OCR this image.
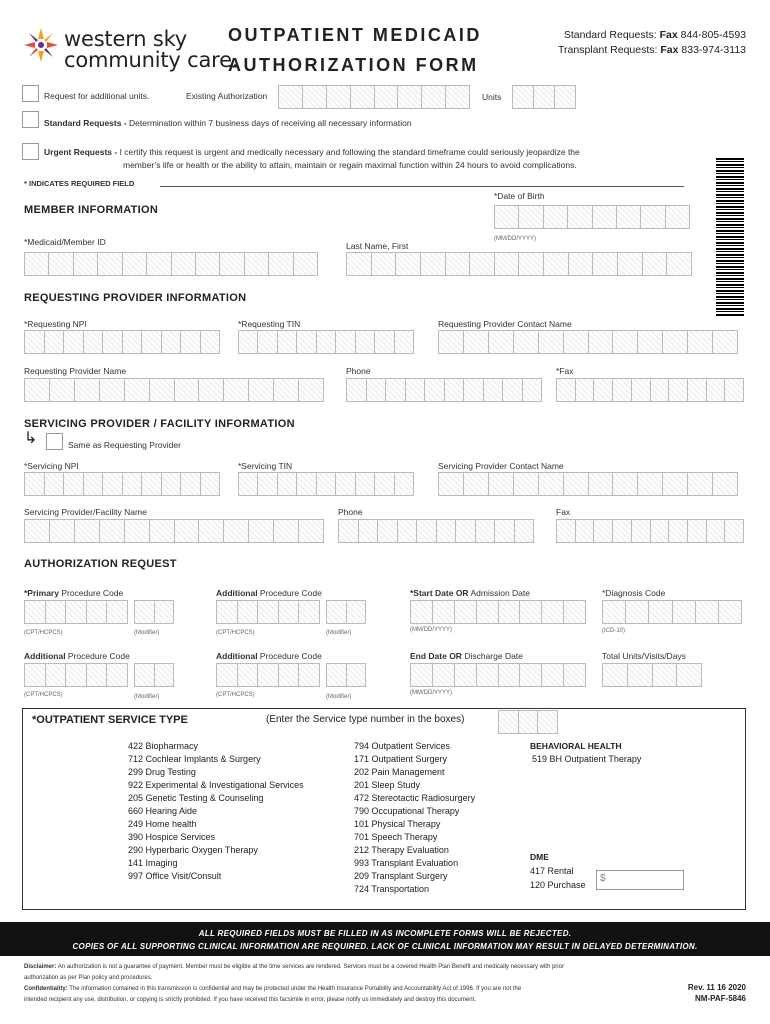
western sky
community care.
OUTPATIENT MEDICAID
AUTHORIZATION FORM
Standard Requests: Fax 844-805-4593
Transplant Requests: Fax 833-974-3113
Request for additional units.	Existing Authorization	Units
Standard Requests - Determination within 7 business days of receiving all necessary information
Urgent Requests - I certify this request is urgent and medically necessary and following the standard timeframe could seriously jeopardize the
member’s life or health or the ability to attain, maintain or regain maximal function within 24 hours to avoid complications.
* INDICATES REQUIRED FIELD
MEMBER INFORMATION
*Date of Birth
(MM/DD/YYYY)
*Medicaid/Member ID	Last Name, First
REQUESTING PROVIDER INFORMATION
*Requesting NPI	*Requesting TIN	Requesting Provider Contact Name
Requesting Provider Name	Phone	*Fax
SERVICING PROVIDER / FACILITY INFORMATION
↳	Same as Requesting Provider
*Servicing NPI	*Servicing TIN	Servicing Provider Contact Name
Servicing Provider/Facility Name	Phone	Fax
AUTHORIZATION REQUEST
*Primary Procedure Code	Additional Procedure Code	*Start Date OR Admission Date	*Diagnosis Code
(CPT/HCPCS)	(Modifier)	(CPT/HCPCS)	(Modifier)	(MM/DD/YYYY)	(ICD-10)
Additional Procedure Code	Additional Procedure Code	End Date OR Discharge Date	Total Units/Visits/Days
(CPT/HCPCS)	(Modifier)	(CPT/HCPCS)	(Modifier)
(MM/DD/YYYY)
*OUTPATIENT SERVICE TYPE	(Enter the Service type number in the boxes)
422 Biopharmacy
712 Cochlear Implants & Surgery
299 Drug Testing
922 Experimental & Investigational Services
205 Genetic Testing & Counseling
660 Hearing Aide
249 Home health
390 Hospice Services
290 Hyperbaric Oxygen Therapy
141 Imaging
997 Office Visit/Consult
794 Outpatient Services
171 Outpatient Surgery
202 Pain Management
201 Sleep Study
472 Stereotactic Radiosurgery
790 Occupational Therapy
101 Physical Therapy
701 Speech Therapy
212 Therapy Evaluation
993 Transplant Evaluation
209 Transplant Surgery
724 Transportation
BEHAVIORAL HEALTH
519 BH Outpatient Therapy
DME
417 Rental
120 Purchase
$
ALL REQUIRED FIELDS MUST BE FILLED IN AS INCOMPLETE FORMS WILL BE REJECTED.
COPIES OF ALL SUPPORTING CLINICAL INFORMATION ARE REQUIRED. LACK OF CLINICAL INFORMATION MAY RESULT IN DELAYED DETERMINATION.
Disclaimer: An authorization is not a guarantee of payment. Member must be eligible at the time services are rendered. Services must be a covered Health Plan Benefit and medically necessary with prior
authorization as per Plan policy and procedures.
Confidentiality: The information contained in this transmission is confidential and may be protected under the Health Insurance Portability and Accountability Act of 1996. If you are not the
intended recipient any use, distribution, or copying is strictly prohibited. If you have received this facsimile in error, please notify us immediately and destroy this document.
Rev. 11 16 2020
NM-PAF-5846
